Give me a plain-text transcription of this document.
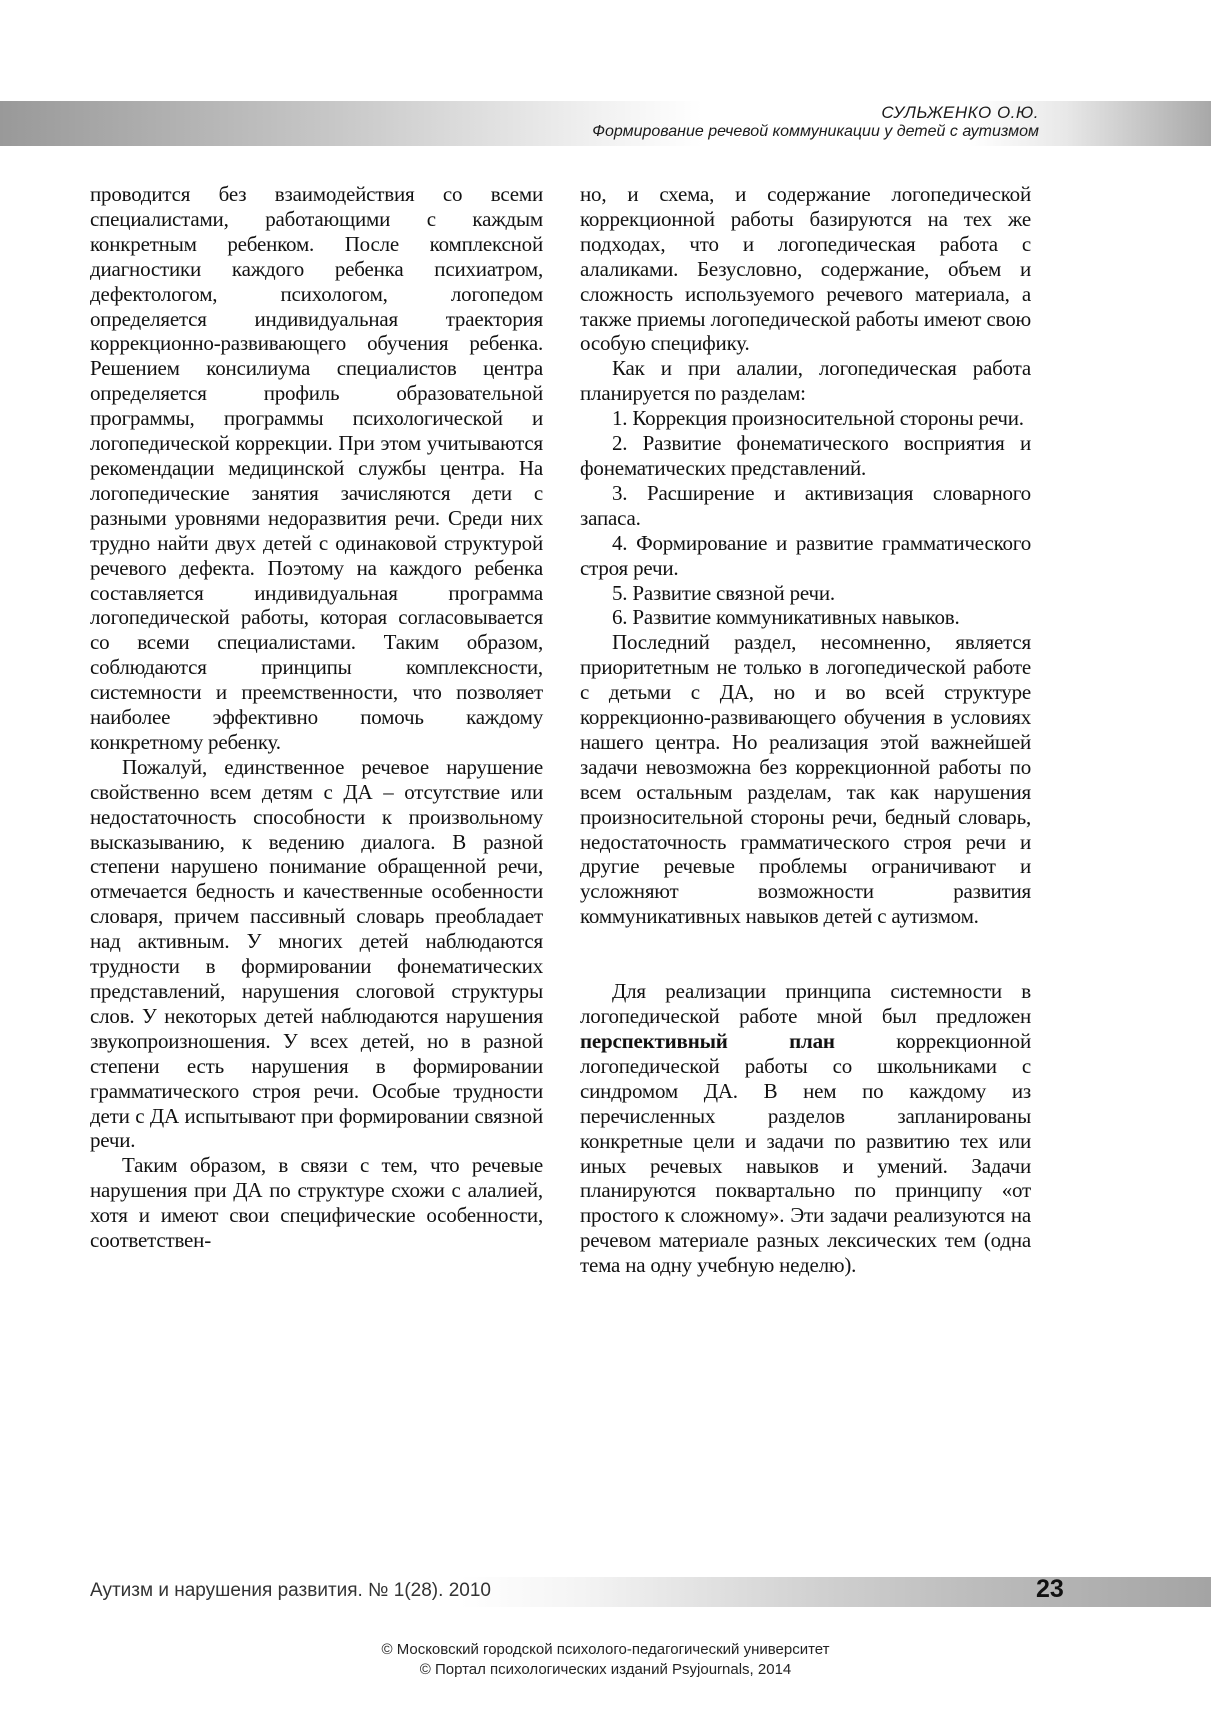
СУЛЬЖЕНКО О.Ю.
Формирование речевой коммуникации у детей с аутизмом

проводится без взаимодействия со всеми специалистами, работающими с каждым конкретным ребенком. После комплексной диагностики каждого ребенка психиатром, дефектологом, психологом, логопедом определяется индивидуальная траектория коррекционно-развивающего обучения ребенка. Решением консилиума специалистов центра определяется профиль образовательной программы, программы психологической и логопедической коррекции. При этом учитываются рекомендации медицинской службы центра. На логопедические занятия зачисляются дети с разными уровнями недоразвития речи. Среди них трудно найти двух детей с одинаковой структурой речевого дефекта. Поэтому на каждого ребенка составляется индивидуальная программа логопедической работы, которая согласовывается со всеми специалистами. Таким образом, соблюдаются принципы комплексности, системности и преемственности, что позволяет наиболее эффективно помочь каждому конкретному ребенку.

Пожалуй, единственное речевое нарушение свойственно всем детям с ДА – отсутствие или недостаточность способности к произвольному высказыванию, к ведению диалога. В разной степени нарушено понимание обращенной речи, отмечается бедность и качественные особенности словаря, причем пассивный словарь преобладает над активным. У многих детей наблюдаются трудности в формировании фонематических представлений, нарушения слоговой структуры слов. У некоторых детей наблюдаются нарушения звукопроизношения. У всех детей, но в разной степени есть нарушения в формировании грамматического строя речи. Особые трудности дети с ДА испытывают при формировании связной речи.

Таким образом, в связи с тем, что речевые нарушения при ДА по структуре схожи с алалией, хотя и имеют свои специфические особенности, соответствен-

но, и схема, и содержание логопедической коррекционной работы базируются на тех же подходах, что и логопедическая работа с алаликами. Безусловно, содержание, объем и сложность используемого речевого материала, а также приемы логопедической работы имеют свою особую специфику.

Как и при алалии, логопедическая работа планируется по разделам:

1. Коррекция произносительной стороны речи.

2. Развитие фонематического восприятия и фонематических представлений.

3. Расширение и активизация словарного запаса.

4. Формирование и развитие грамматического строя речи.

5. Развитие связной речи.

6. Развитие коммуникативных навыков.

Последний раздел, несомненно, является приоритетным не только в логопедической работе с детьми с ДА, но и во всей структуре коррекционно-развивающего обучения в условиях нашего центра. Но реализация этой важнейшей задачи невозможна без коррекционной работы по всем остальным разделам, так как нарушения произносительной стороны речи, бедный словарь, недостаточность грамматического строя речи и другие речевые проблемы ограничивают и усложняют возможности развития коммуникативных навыков детей с аутизмом.

Для реализации принципа системности в логопедической работе мной был предложен перспективный план коррекционной логопедической работы со школьниками с синдромом ДА. В нем по каждому из перечисленных разделов запланированы конкретные цели и задачи по развитию тех или иных речевых навыков и умений. Задачи планируются поквартально по принципу «от простого к сложному». Эти задачи реализуются на речевом материале разных лексических тем (одна тема на одну учебную неделю).

Аутизм и нарушения развития. № 1(28). 2010	23
© Московский городской психолого-педагогический университет
© Портал психологических изданий Psyjournals, 2014
